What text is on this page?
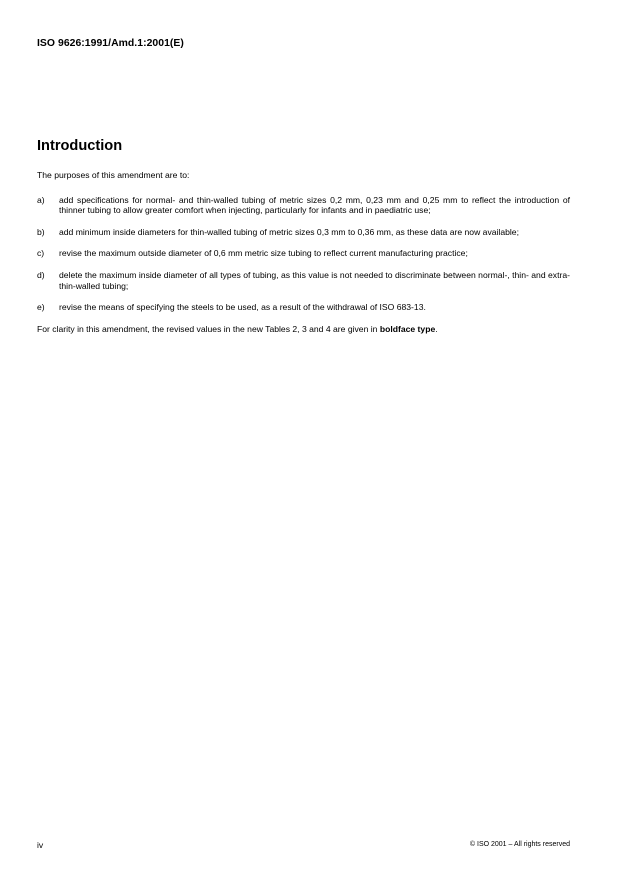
ISO 9626:1991/Amd.1:2001(E)
Introduction

The purposes of this amendment are to:

a)	add specifications for normal- and thin-walled tubing of metric sizes 0,2 mm, 0,23 mm and 0,25 mm to reflect the introduction of thinner tubing to allow greater comfort when injecting, particularly for infants and in paediatric use;
b)	add minimum inside diameters for thin-walled tubing of metric sizes 0,3 mm to 0,36 mm, as these data are now available;
c)	revise the maximum outside diameter of 0,6 mm metric size tubing to reflect current manufacturing practice;
d)	delete the maximum inside diameter of all types of tubing, as this value is not needed to discriminate between normal-, thin- and extra-thin-walled tubing;
e)	revise the means of specifying the steels to be used, as a result of the withdrawal of ISO 683-13.

For clarity in this amendment, the revised values in the new Tables 2, 3 and 4 are given in boldface type.

iv	© ISO 2001 – All rights reserved
